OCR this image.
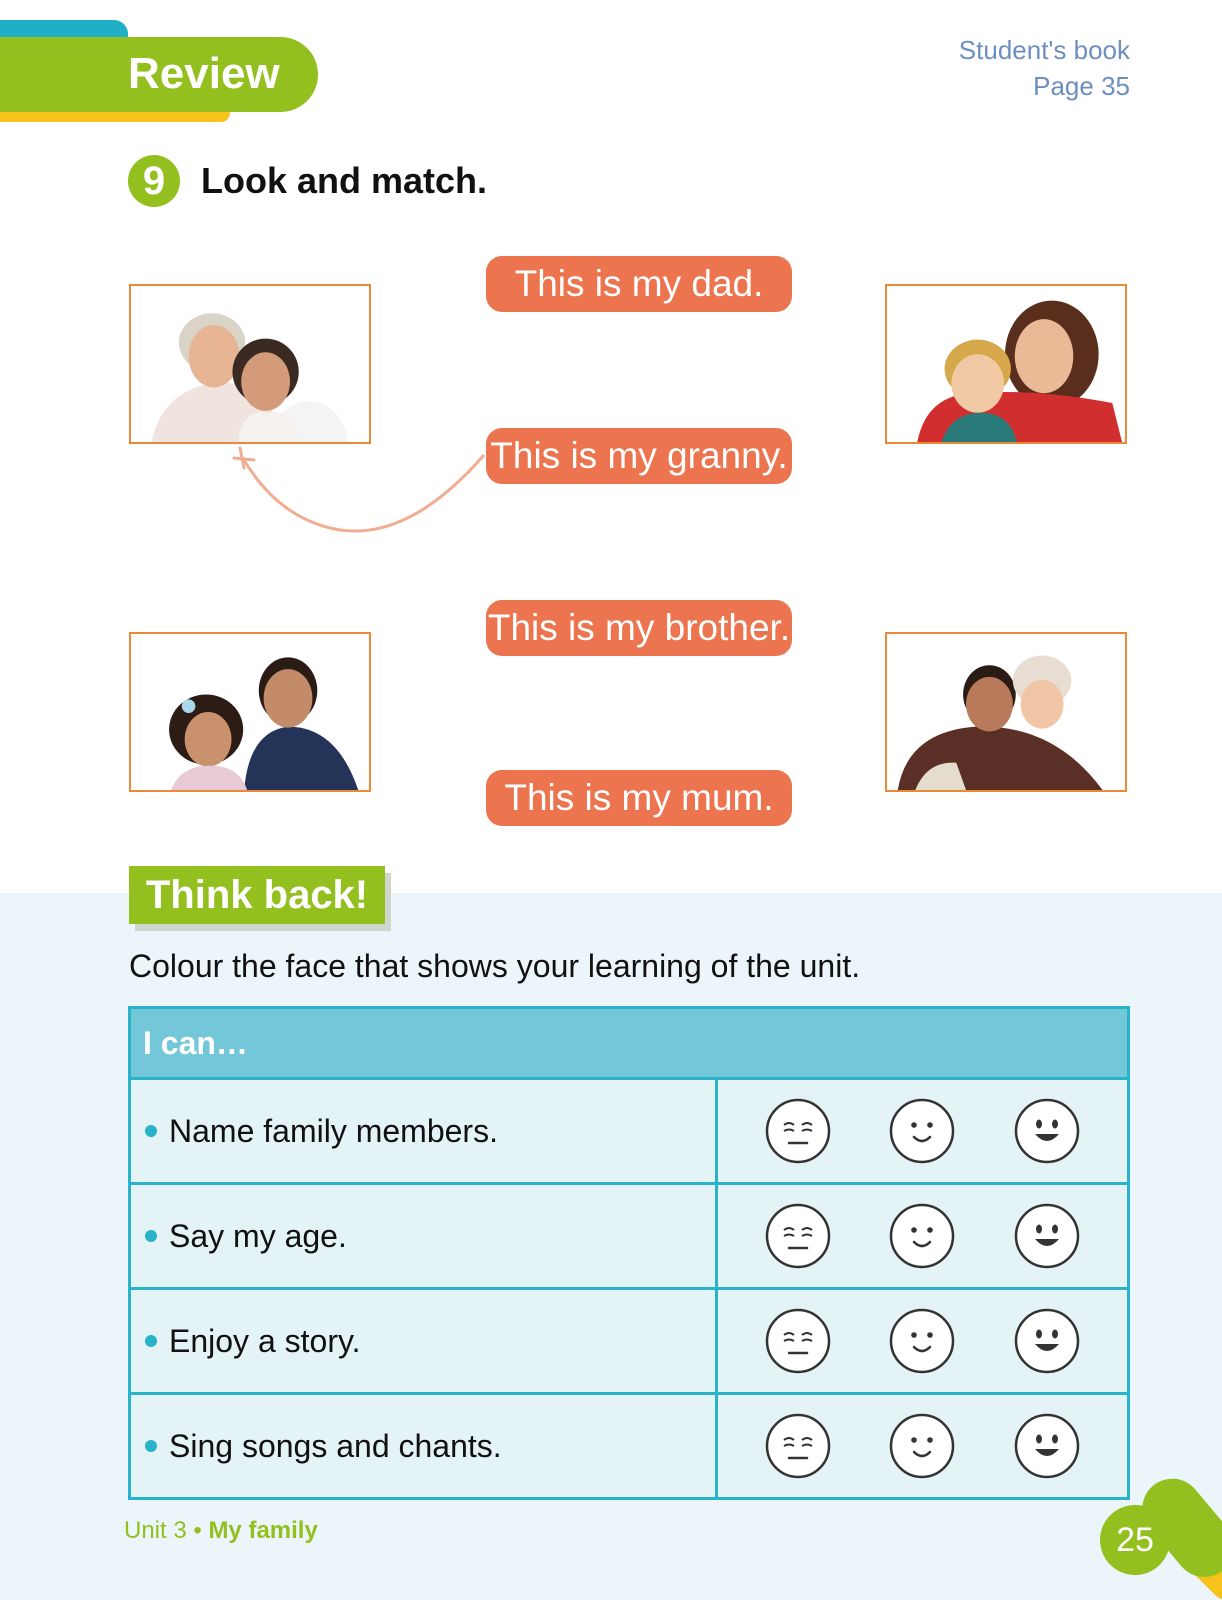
Review	Student's book
Page 35
9 Look and match.
This is my dad.
This is my granny.
This is my brother.
This is my mum.
Think back!
Colour the face that shows your learning of the unit.
I can…	
Name family members.	

Say my age.	

Enjoy a story.	

Sing songs and chants.	
Unit 3 • My family	25
